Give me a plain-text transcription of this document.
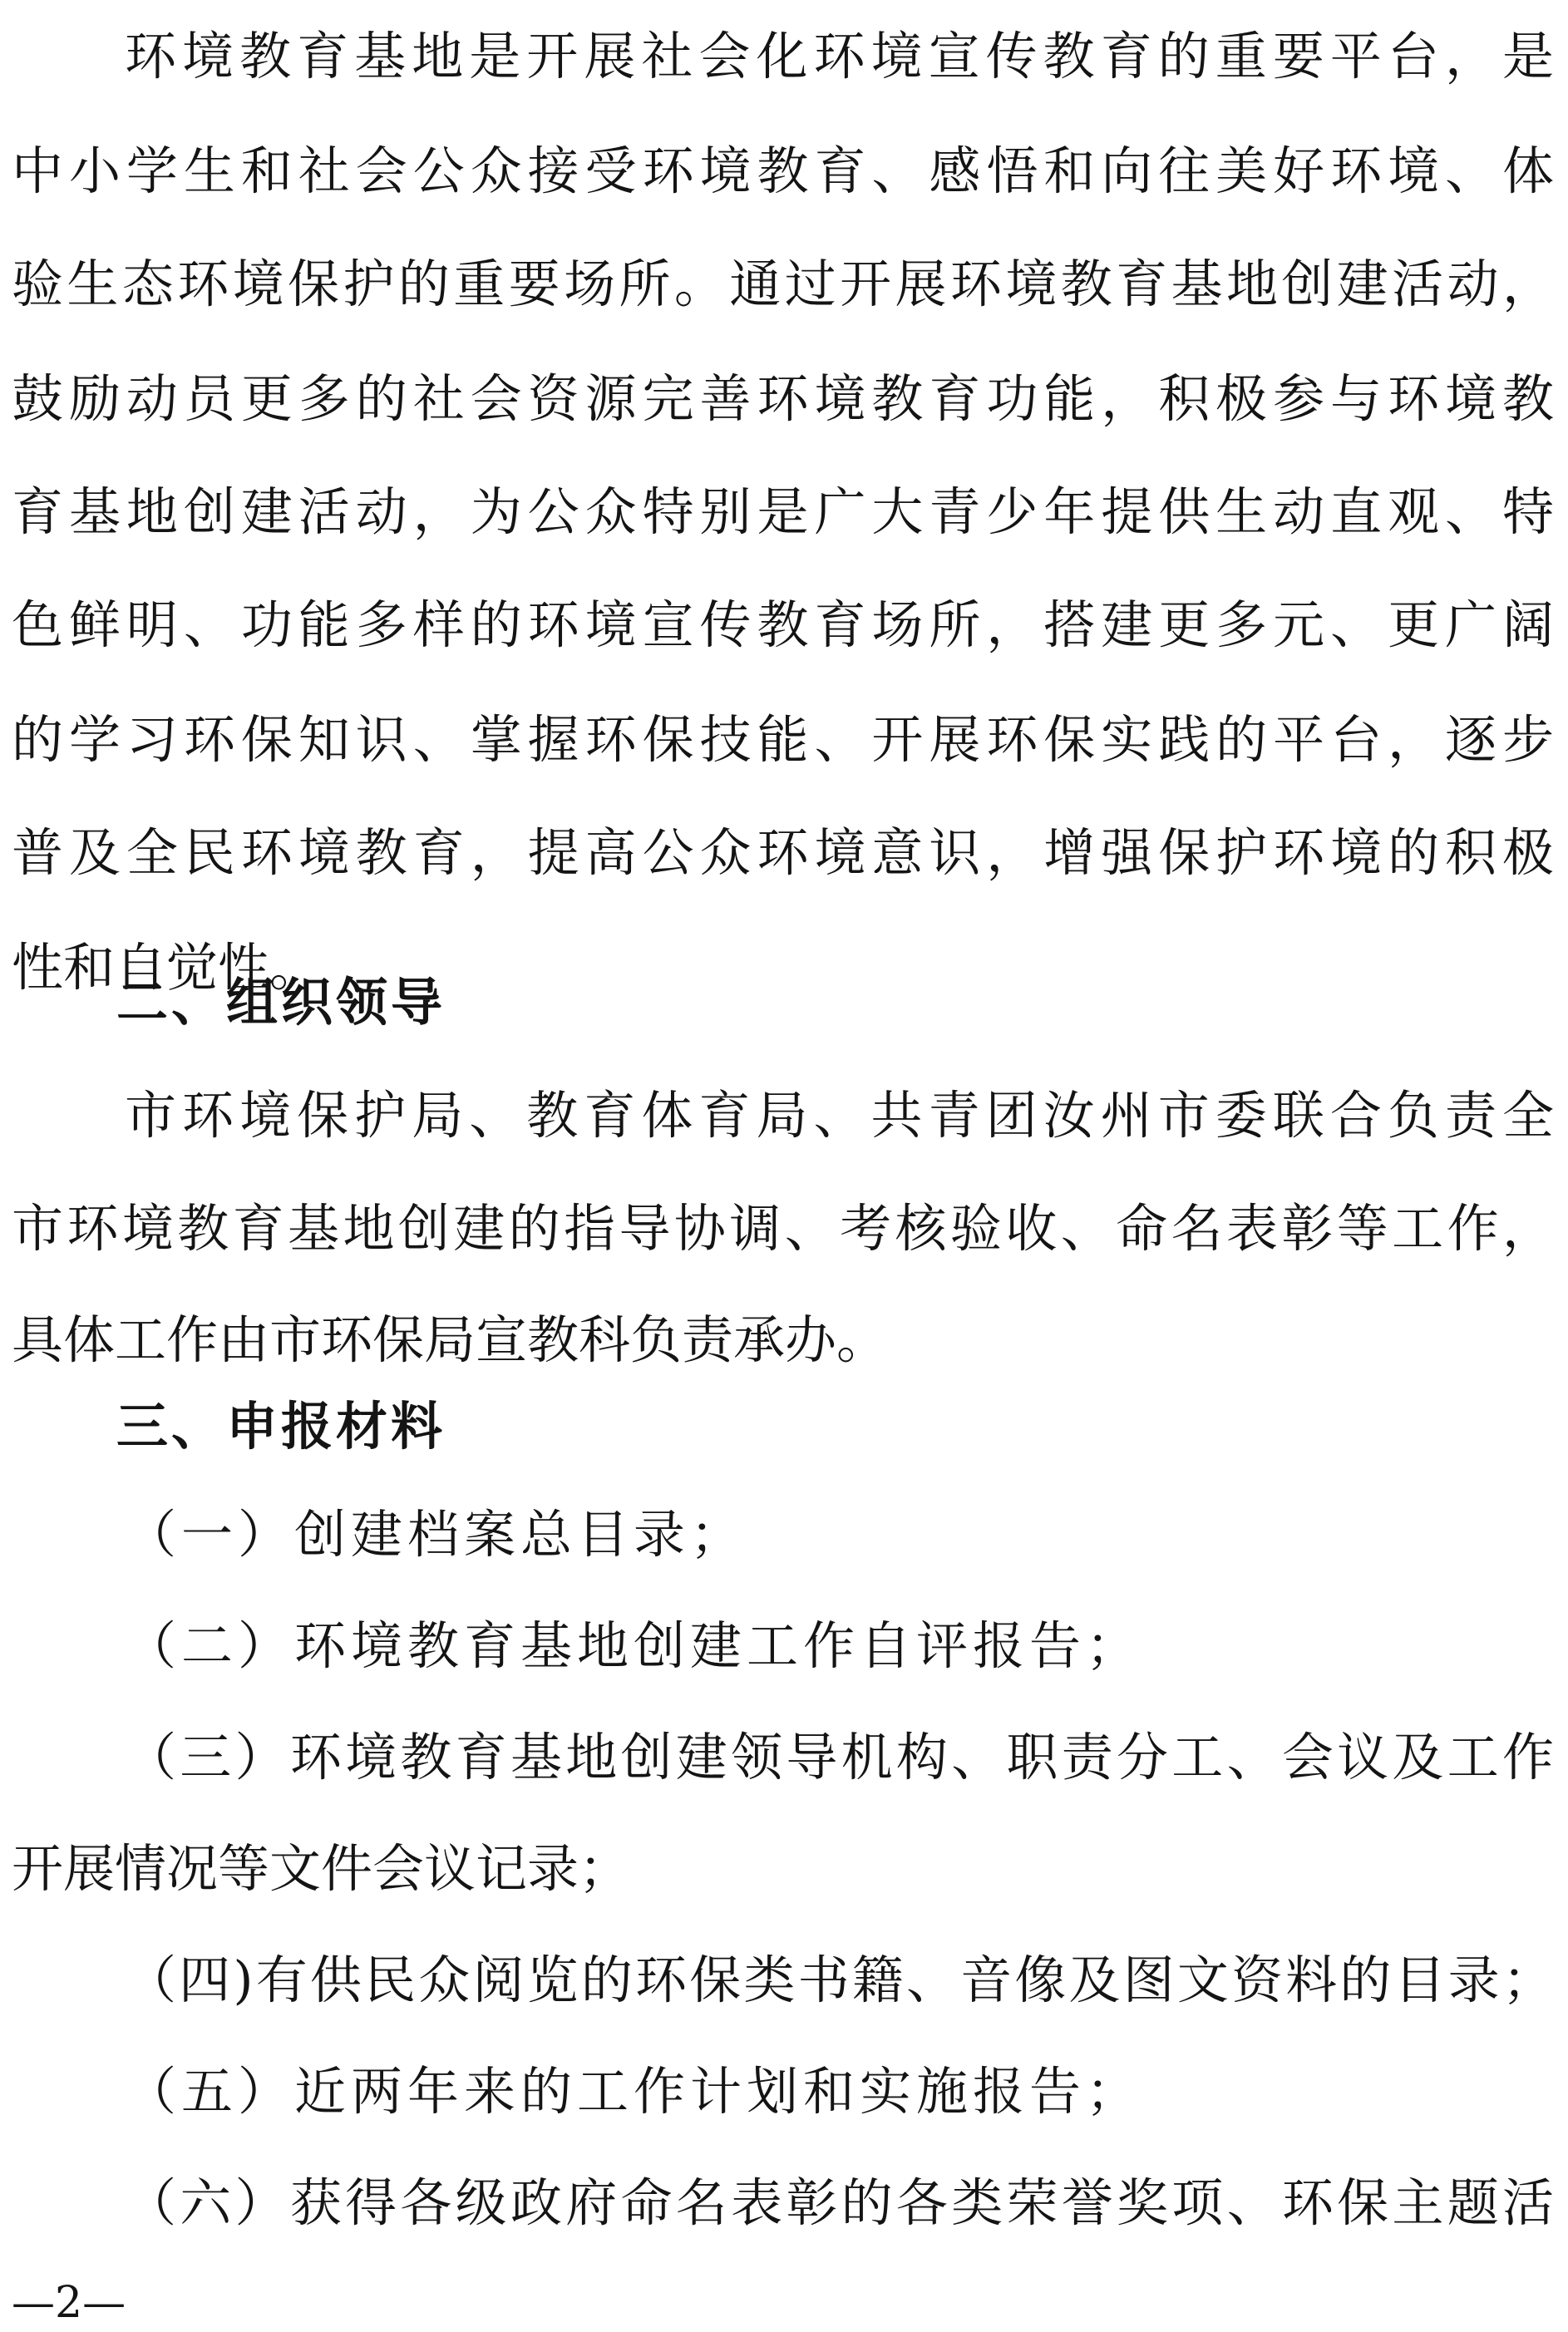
环境教育基地是开展社会化环境宣传教育的重要平台，是
中小学生和社会公众接受环境教育、感悟和向往美好环境、体
验生态环境保护的重要场所。通过开展环境教育基地创建活动，
鼓励动员更多的社会资源完善环境教育功能，积极参与环境教
育基地创建活动，为公众特别是广大青少年提供生动直观、特
色鲜明、功能多样的环境宣传教育场所，搭建更多元、更广阔
的学习环保知识、掌握环保技能、开展环保实践的平台，逐步
普及全民环境教育，提高公众环境意识，增强保护环境的积极
性和自觉性。
二、组织领导
市环境保护局、教育体育局、共青团汝州市委联合负责全
市环境教育基地创建的指导协调、考核验收、命名表彰等工作，
具体工作由市环保局宣教科负责承办。
三、申报材料
（一）创建档案总目录；
（二）环境教育基地创建工作自评报告；
（三）环境教育基地创建领导机构、职责分工、会议及工作
开展情况等文件会议记录；
（四)有供民众阅览的环保类书籍、音像及图文资料的目录；
（五）近两年来的工作计划和实施报告；
（六）获得各级政府命名表彰的各类荣誉奖项、环保主题活
—2—
